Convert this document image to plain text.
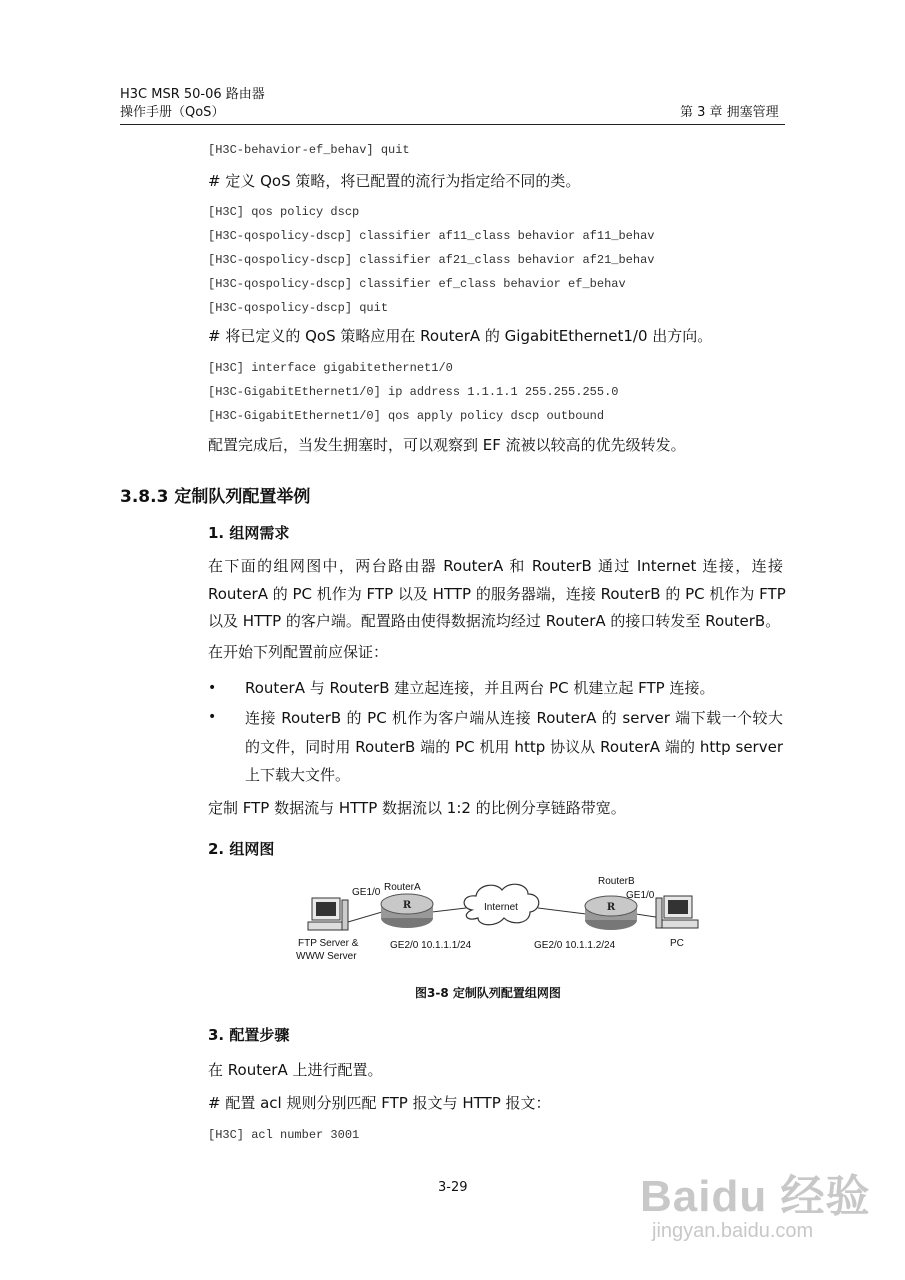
H3C MSR 50-06 路由器
操作手册（QoS）	第 3 章 拥塞管理
[H3C-behavior-ef_behav] quit
# 定义 QoS 策略，将已配置的流行为指定给不同的类。
[H3C] qos policy dscp
[H3C-qospolicy-dscp] classifier af11_class behavior af11_behav
[H3C-qospolicy-dscp] classifier af21_class behavior af21_behav
[H3C-qospolicy-dscp] classifier ef_class behavior ef_behav
[H3C-qospolicy-dscp] quit
# 将已定义的 QoS 策略应用在 RouterA 的 GigabitEthernet1/0 出方向。
[H3C] interface gigabitethernet1/0
[H3C-GigabitEthernet1/0] ip address 1.1.1.1 255.255.255.0
[H3C-GigabitEthernet1/0] qos apply policy dscp outbound
配置完成后，当发生拥塞时，可以观察到 EF 流被以较高的优先级转发。
3.8.3 定制队列配置举例
1. 组网需求
在下面的组网图中，两台路由器 RouterA 和 RouterB 通过 Internet 连接，连接
RouterA 的 PC 机作为 FTP 以及 HTTP 的服务器端，连接 RouterB 的 PC 机作为 FTP
以及 HTTP 的客户端。配置路由使得数据流均经过 RouterA 的接口转发至 RouterB。
在开始下列配置前应保证：
• RouterA 与 RouterB 建立起连接，并且两台 PC 机建立起 FTP 连接。
• 连接 RouterB 的 PC 机作为客户端从连接 RouterA 的 server 端下载一个较大
的文件，同时用 RouterB 端的 PC 机用 http 协议从 RouterA 端的 http server
上下载大文件。
定制 FTP 数据流与 HTTP 数据流以 1:2 的比例分享链路带宽。
2. 组网图
R	Internet	R
RouterA
GE1/0
GE2/0 10.1.1.1/24
RouterB
GE1/0
GE2/0 10.1.1.2/24
FTP Server &
WWW Server
PC
图3-8 定制队列配置组网图
3. 配置步骤
在 RouterA 上进行配置。
# 配置 acl 规则分别匹配 FTP 报文与 HTTP 报文：
[H3C] acl number 3001
3-29	Baidu 经验
jingyan.baidu.com
